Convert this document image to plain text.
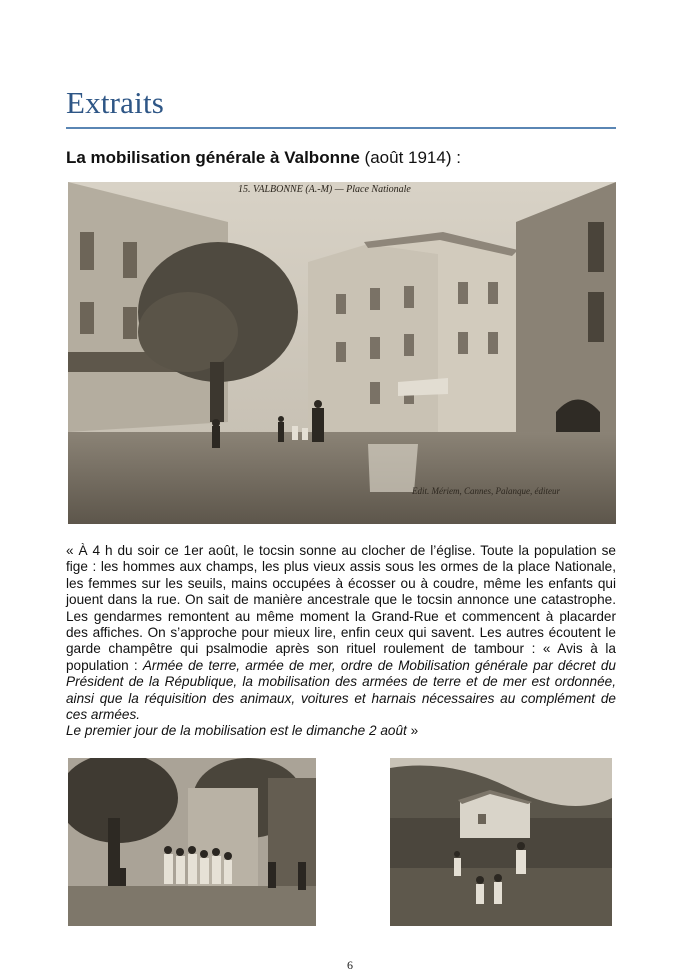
Extraits
La mobilisation générale à Valbonne (août 1914) :
15. VALBONNE (A.-M) — Place Nationale
Edit. Mériem, Cannes, Palanque, éditeur
« À 4 h du soir ce 1er août, le tocsin sonne au clocher de l’église. Toute la population se fige : les hommes aux champs, les plus vieux assis sous les ormes de la place Nationale, les femmes sur les seuils, mains occupées à écosser ou à coudre, même les enfants qui jouent dans la rue. On sait de manière ancestrale que le tocsin annonce une catastrophe. Les gendarmes remontent au même moment la Grand-Rue et commencent à placarder des affiches. On s’approche pour mieux lire, enfin ceux qui savent. Les autres écoutent le garde champêtre qui psalmodie après son rituel roulement de tambour : « Avis à la population : Armée de terre, armée de mer, ordre de Mobilisation générale par décret du Président de la République, la mobilisation des armées de terre et de mer est ordonnée, ainsi que la réquisition des animaux, voitures et harnais nécessaires au complément de ces armées.
Le premier jour de la mobilisation est le dimanche 2 août »
6
